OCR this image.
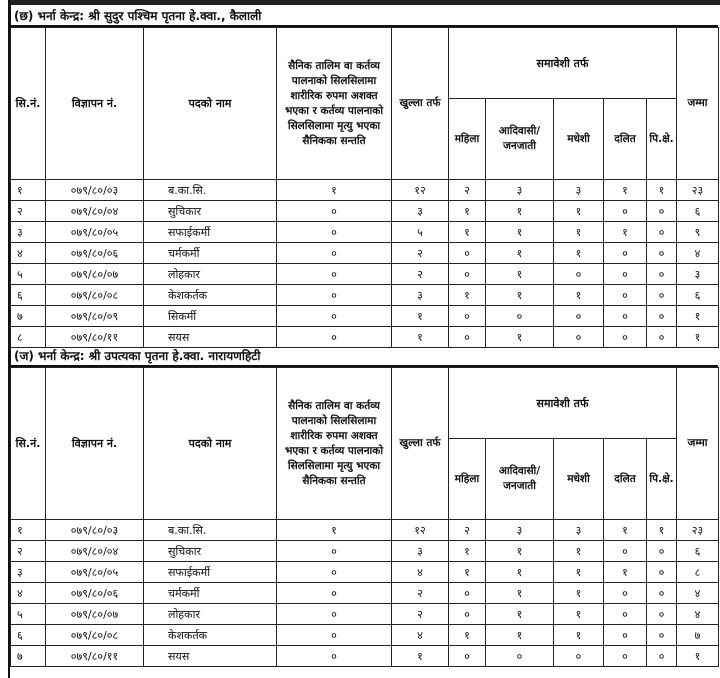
(छ) भर्ना केन्द्र: श्री सुदुर पश्चिम पृतना हे.क्वा., कैलाली
सि.नं.	विज्ञापन नं.	पदको नाम	सैनिक तालिम वा कर्तव्य पालनाको सिलसिलामा शारीरिक रुपमा अशक्त भएका र कर्तव्य पालनाको सिलसिलामा मृत्यु भएका सैनिकका सन्तति	खुल्ला तर्फ	समावेशी तर्फ					जम्मा
					महिला	आदिवासी/ जनजाती	मधेशी	दलित	पि.क्षे.	
१	०७९/८०/०३	ब.का.सि.	१	१२	२	३	३	१	१	२३
२	०७९/८०/०४	सुचिकार	०	३	१	१	१	०	०	६
३	०७९/८०/०५	सफाईकर्मी	०	५	१	१	१	१	०	९
४	०७९/८०/०६	चर्मकर्मी	०	२	०	१	१	०	०	४
५	०७९/८०/०७	लोहकार	०	२	०	१	०	०	०	३
६	०७९/८०/०८	केशकर्तक	०	३	१	१	१	०	०	६
७	०७९/८०/०९	सिकर्मी	०	१	०	०	०	०	०	१
८	०७९/८०/११	सयस	०	१	०	१	०	०	०	१
(ज) भर्ना केन्द्र: श्री उपत्यका पृतना हे.क्वा. नारायणहिटी
सि.नं.	विज्ञापन नं.	पदको नाम	सैनिक तालिम वा कर्तव्य पालनाको सिलसिलामा शारीरिक रुपमा अशक्त भएका र कर्तव्य पालनाको सिलसिलामा मृत्यु भएका सैनिकका सन्तति	खुल्ला तर्फ	समावेशी तर्फ					जम्मा
					महिला	आदिवासी/ जनजाती	मधेशी	दलित	पि.क्षे.	
१	०७९/८०/०३	ब.का.सि.	१	१२	२	३	३	१	१	२३
२	०७९/८०/०४	सुचिकार	०	३	१	१	१	०	०	६
३	०७९/८०/०५	सफाईकर्मी	०	४	१	१	१	१	०	८
४	०७९/८०/०६	चर्मकर्मी	०	२	०	१	१	०	०	४
५	०७९/८०/०७	लोहकार	०	२	०	१	१	०	०	४
६	०७९/८०/०८	केशकर्तक	०	४	१	१	१	०	०	७
७	०७९/८०/११	सयस	०	१	०	०	०	०	०	१
